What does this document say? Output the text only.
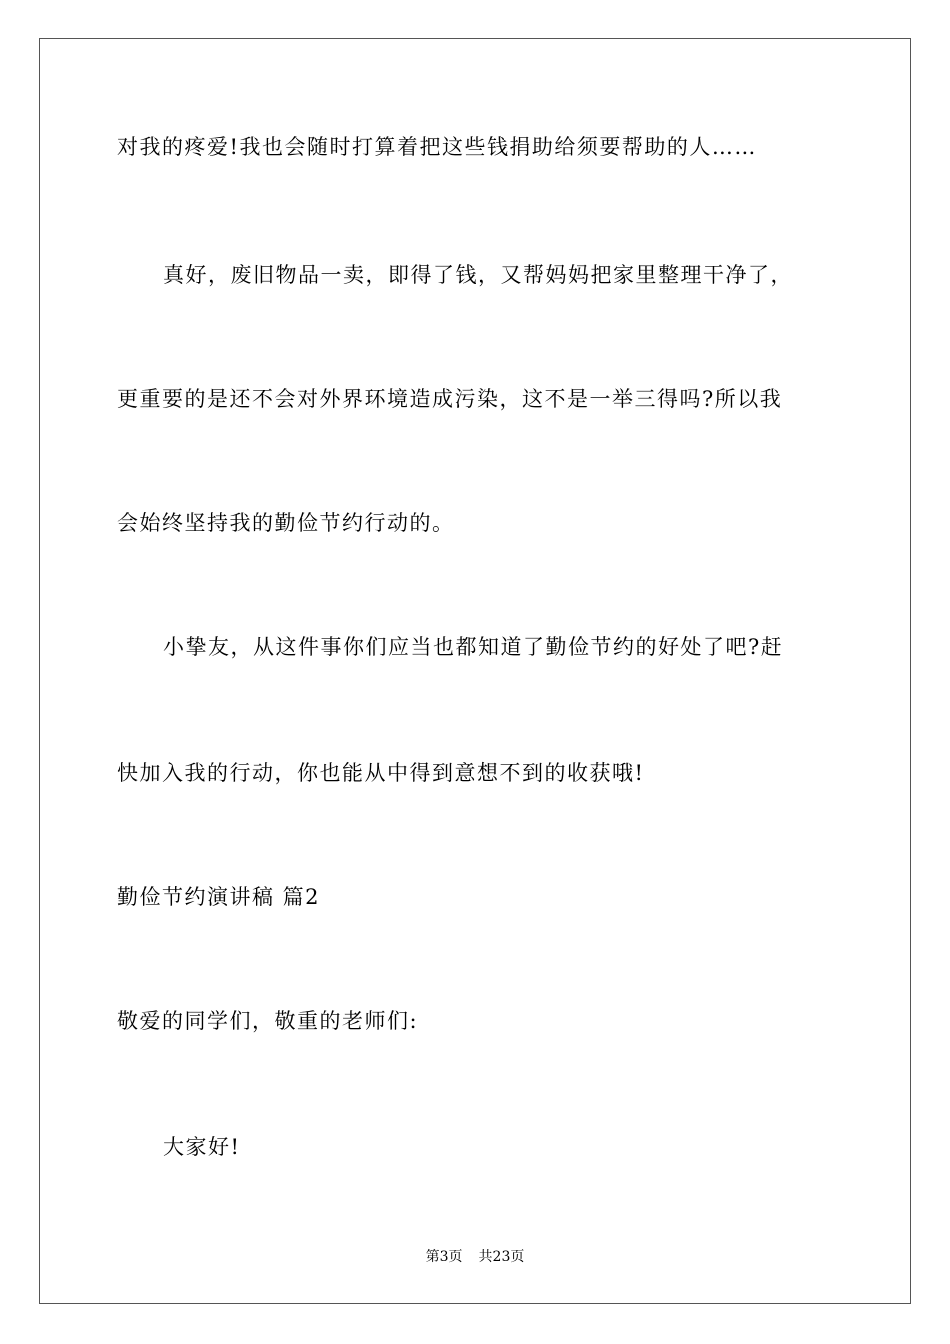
对我的疼爱!我也会随时打算着把这些钱捐助给须要帮助的人……
真好，废旧物品一卖，即得了钱，又帮妈妈把家里整理干净了，
更重要的是还不会对外界环境造成污染，这不是一举三得吗?所以我
会始终坚持我的勤俭节约行动的。
小挚友，从这件事你们应当也都知道了勤俭节约的好处了吧?赶
快加入我的行动，你也能从中得到意想不到的收获哦!
勤俭节约演讲稿 篇2
敬爱的同学们，敬重的老师们:
大家好!
第3页 共23页
